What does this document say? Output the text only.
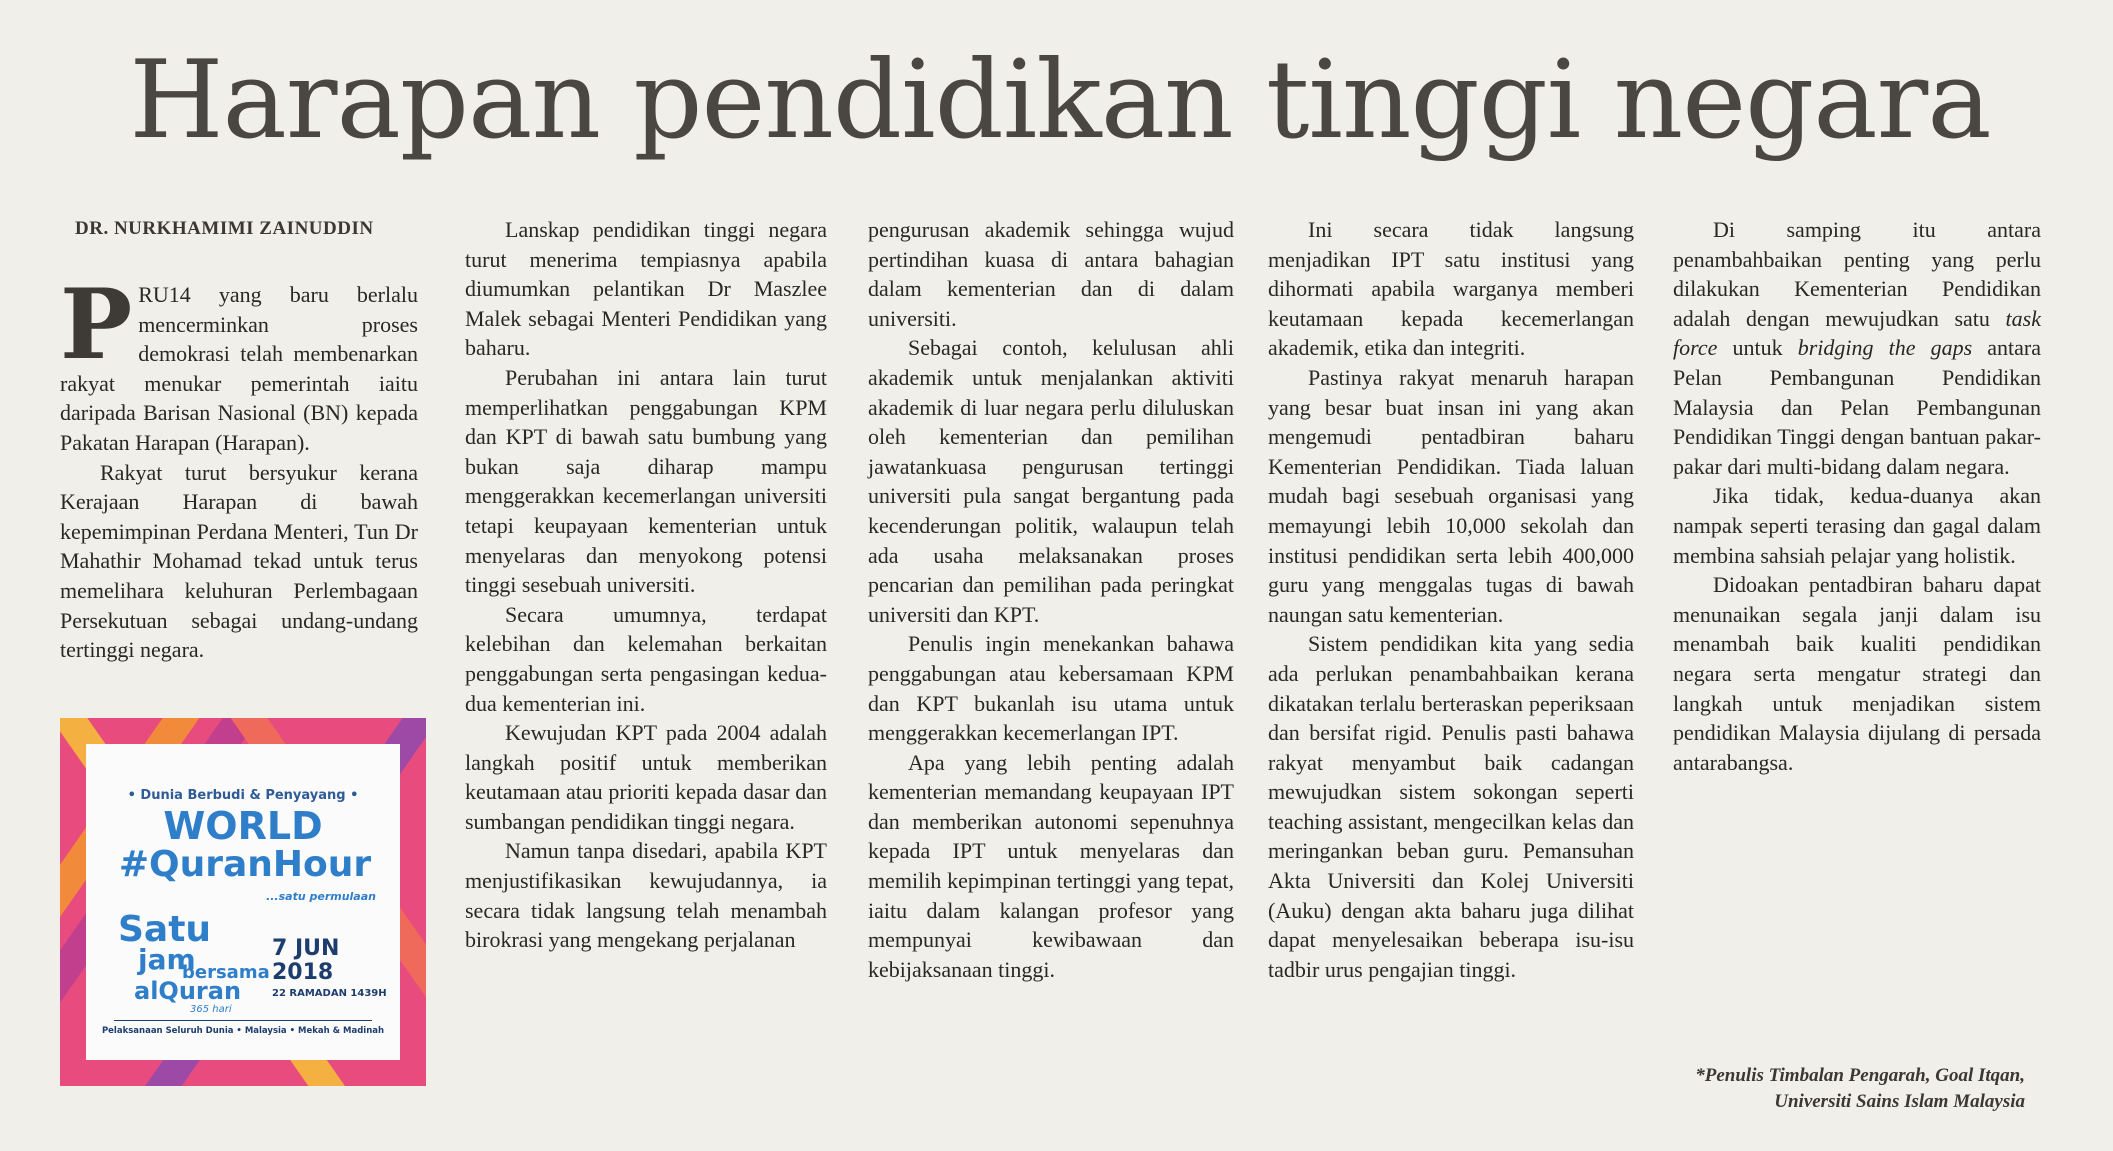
Harapan pendidikan tinggi negara
DR. NURKHAMIMI ZAINUDDIN

PRU14 yang baru berlalu mencerminkan proses demokrasi telah membenarkan rakyat menukar pemerintah iaitu daripada Barisan Nasional (BN) kepada Pakatan Harapan (Harapan).

Rakyat turut bersyukur kerana Kerajaan Harapan di bawah kepemimpinan Perdana Menteri, Tun Dr Mahathir Mohamad tekad untuk terus memelihara keluhuran Perlembagaan Persekutuan sebagai undang-undang tertinggi negara.

• Dunia Berbudi & Penyayang •
WORLD
#QuranHour
...satu permulaan
Satu
jam
bersama
alQuran
365 hari
7 JUN
2018
22 RAMADAN 1439H
Pelaksanaan Seluruh Dunia • Malaysia • Mekah & Madinah

Lanskap pendidikan tinggi negara turut menerima tempiasnya apabila diumumkan pelantikan Dr Maszlee Malek sebagai Menteri Pendidikan yang baharu.

Perubahan ini antara lain turut memperlihatkan penggabungan KPM dan KPT di bawah satu bumbung yang bukan saja diharap mampu menggerakkan kecemerlangan universiti tetapi keupayaan kementerian untuk menyelaras dan menyokong potensi tinggi sesebuah universiti.

Secara umumnya, terdapat kelebihan dan kelemahan berkaitan penggabungan serta pengasingan kedua-dua kementerian ini.

Kewujudan KPT pada 2004 adalah langkah positif untuk memberikan keutamaan atau prioriti kepada dasar dan sumbangan pendidikan tinggi negara.

Namun tanpa disedari, apabila KPT menjustifikasikan kewujudannya, ia secara tidak langsung telah menambah birokrasi yang mengekang perjalanan

pengurusan akademik sehingga wujud pertindihan kuasa di antara bahagian dalam kementerian dan di dalam universiti.

Sebagai contoh, kelulusan ahli akademik untuk menjalankan aktiviti akademik di luar negara perlu diluluskan oleh kementerian dan pemilihan jawatankuasa pengurusan tertinggi universiti pula sangat bergantung pada kecenderungan politik, walaupun telah ada usaha melaksanakan proses pencarian dan pemilihan pada peringkat universiti dan KPT.

Penulis ingin menekankan bahawa penggabungan atau kebersamaan KPM dan KPT bukanlah isu utama untuk menggerakkan kecemerlangan IPT.

Apa yang lebih penting adalah kementerian memandang keupayaan IPT dan memberikan autonomi sepenuhnya kepada IPT untuk menyelaras dan memilih kepimpinan tertinggi yang tepat, iaitu dalam kalangan profesor yang mempunyai kewibawaan dan kebijaksanaan tinggi.

Ini secara tidak langsung menjadikan IPT satu institusi yang dihormati apabila warganya memberi keutamaan kepada kecemerlangan akademik, etika dan integriti.

Pastinya rakyat menaruh harapan yang besar buat insan ini yang akan mengemudi pentadbiran baharu Kementerian Pendidikan. Tiada laluan mudah bagi sesebuah organisasi yang memayungi lebih 10,000 sekolah dan institusi pendidikan serta lebih 400,000 guru yang menggalas tugas di bawah naungan satu kementerian.

Sistem pendidikan kita yang sedia ada perlukan penambahbaikan kerana dikatakan terlalu berteraskan peperiksaan dan bersifat rigid. Penulis pasti bahawa rakyat menyambut baik cadangan mewujudkan sistem sokongan seperti teaching assistant, mengecilkan kelas dan meringankan beban guru. Pemansuhan Akta Universiti dan Kolej Universiti (Auku) dengan akta baharu juga dilihat dapat menyelesaikan beberapa isu-isu tadbir urus pengajian tinggi.

Di samping itu antara penambahbaikan penting yang perlu dilakukan Kementerian Pendidikan adalah dengan mewujudkan satu task force untuk bridging the gaps antara Pelan Pembangunan Pendidikan Malaysia dan Pelan Pembangunan Pendidikan Tinggi dengan bantuan pakar-pakar dari multi-bidang dalam negara.

Jika tidak, kedua-duanya akan nampak seperti terasing dan gagal dalam membina sahsiah pelajar yang holistik.

Didoakan pentadbiran baharu dapat menunaikan segala janji dalam isu menambah baik kualiti pendidikan negara serta mengatur strategi dan langkah untuk menjadikan sistem pendidikan Malaysia dijulang di persada antarabangsa.

*Penulis Timbalan Pengarah, Goal Itqan, Universiti Sains Islam Malaysia
